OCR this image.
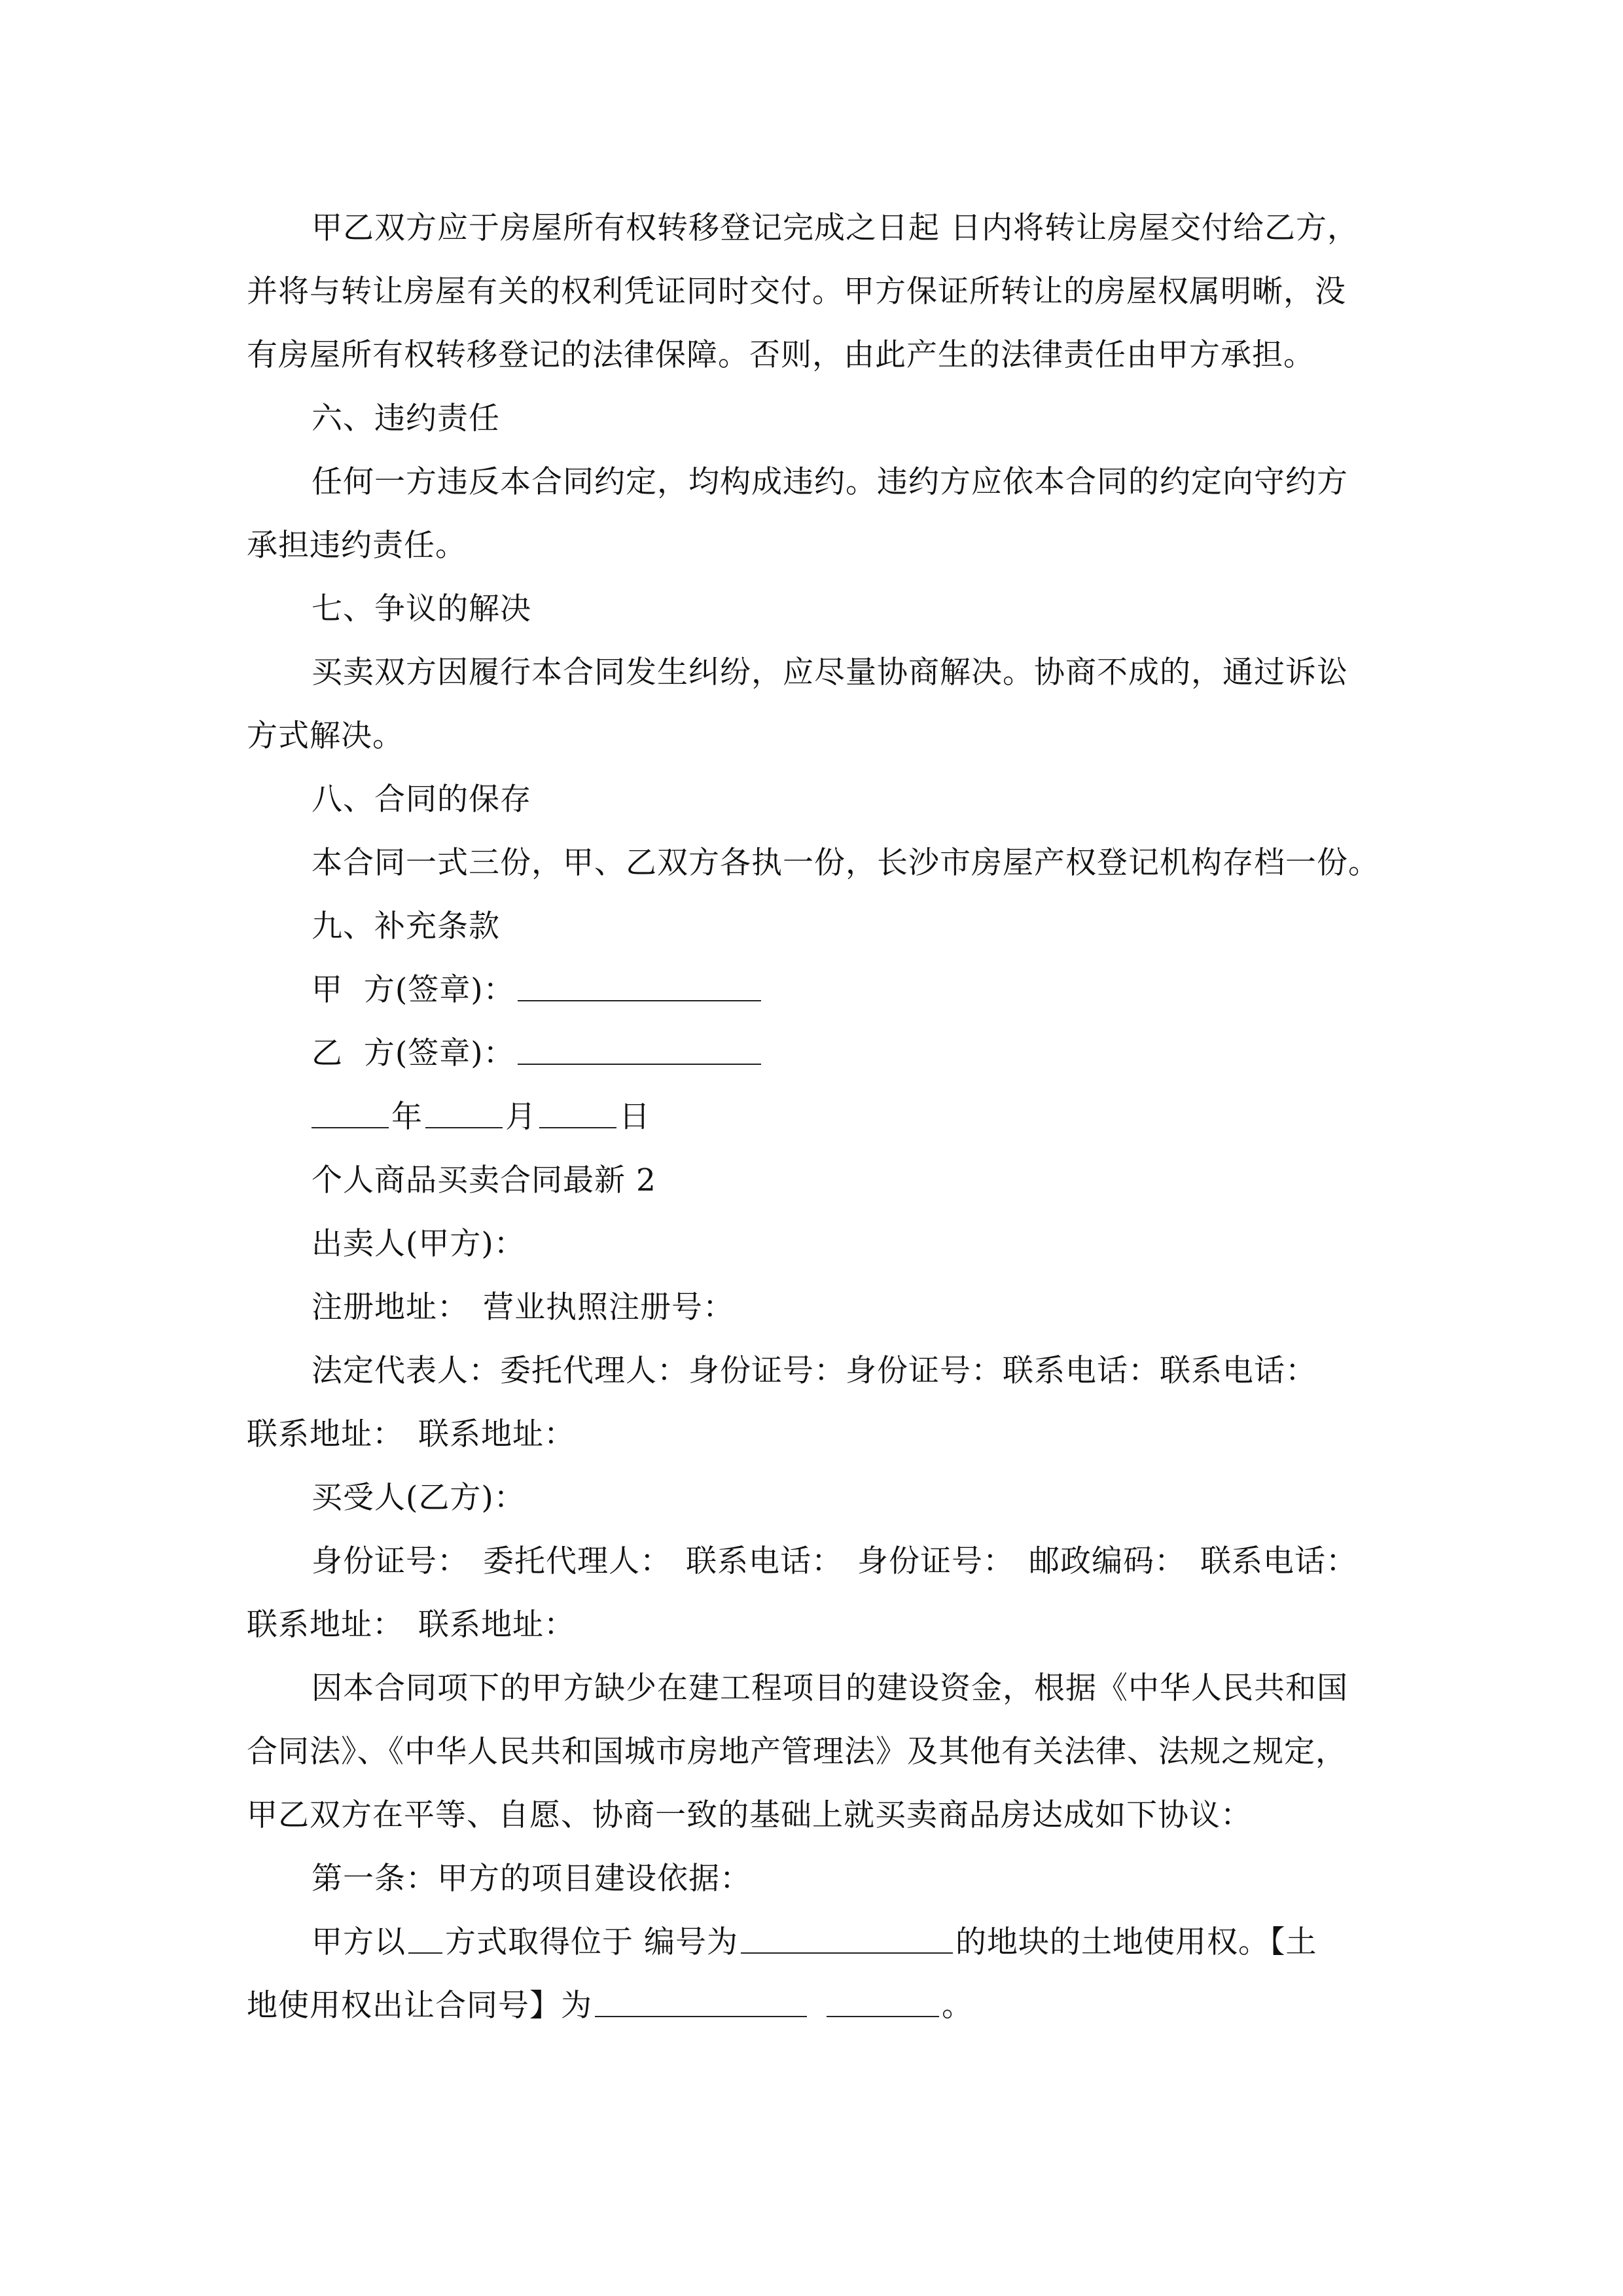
甲乙双方应于房屋所有权转移登记完成之日起 日内将转让房屋交付给乙方，

并将与转让房屋有关的权利凭证同时交付。甲方保证所转让的房屋权属明晰，没

有房屋所有权转移登记的法律保障。否则，由此产生的法律责任由甲方承担。

六、违约责任

任何一方违反本合同约定，均构成违约。违约方应依本合同的约定向守约方

承担违约责任。

七、争议的解决

买卖双方因履行本合同发生纠纷，应尽量协商解决。协商不成的，通过诉讼

方式解决。

八、合同的保存

本合同一式三份，甲、乙双方各执一份，长沙市房屋产权登记机构存档一份。

九、补充条款

甲  方(签章)：

乙  方(签章)：

年	月	日

个人商品买卖合同最新 2

出卖人(甲方)：

注册地址： 营业执照注册号：

法定代表人：委托代理人：身份证号：身份证号：联系电话：联系电话：

联系地址： 联系地址：

买受人(乙方)：

身份证号： 委托代理人： 联系电话： 身份证号： 邮政编码： 联系电话：

联系地址： 联系地址：

因本合同项下的甲方缺少在建工程项目的建设资金，根据《中华人民共和国

合同法》、《中华人民共和国城市房地产管理法》及其他有关法律、法规之规定，

甲乙双方在平等、自愿、协商一致的基础上就买卖商品房达成如下协议：

第一条：甲方的项目建设依据：

甲方以 方式取得位于 编号为	的地块的土地使用权。【土

地使用权出让合同号】为	。
